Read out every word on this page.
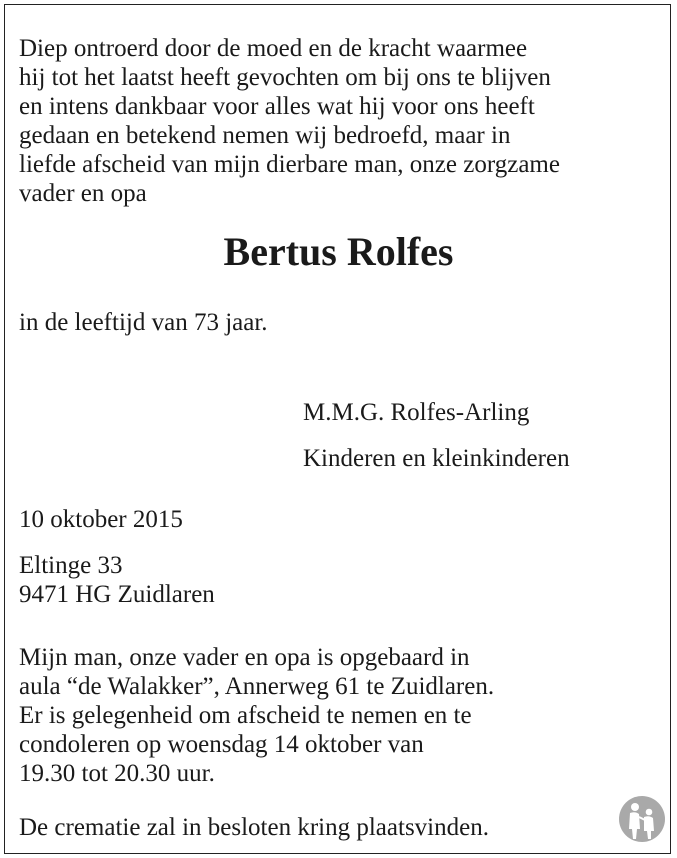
Diep ontroerd door de moed en de kracht waarmee
hij tot het laatst heeft gevochten om bij ons te blijven
en intens dankbaar voor alles wat hij voor ons heeft
gedaan en betekend nemen wij bedroefd, maar in
liefde afscheid van mijn dierbare man, onze zorgzame
vader en opa
Bertus Rolfes
in de leeftijd van 73 jaar.
M.M.G. Rolfes-Arling
Kinderen en kleinkinderen
10 oktober 2015
Eltinge 33
9471 HG Zuidlaren
Mijn man, onze vader en opa is opgebaard in
aula “de Walakker”, Annerweg 61 te Zuidlaren.
Er is gelegenheid om afscheid te nemen en te
condoleren op woensdag 14 oktober van
19.30 tot 20.30 uur.
De crematie zal in besloten kring plaatsvinden.
